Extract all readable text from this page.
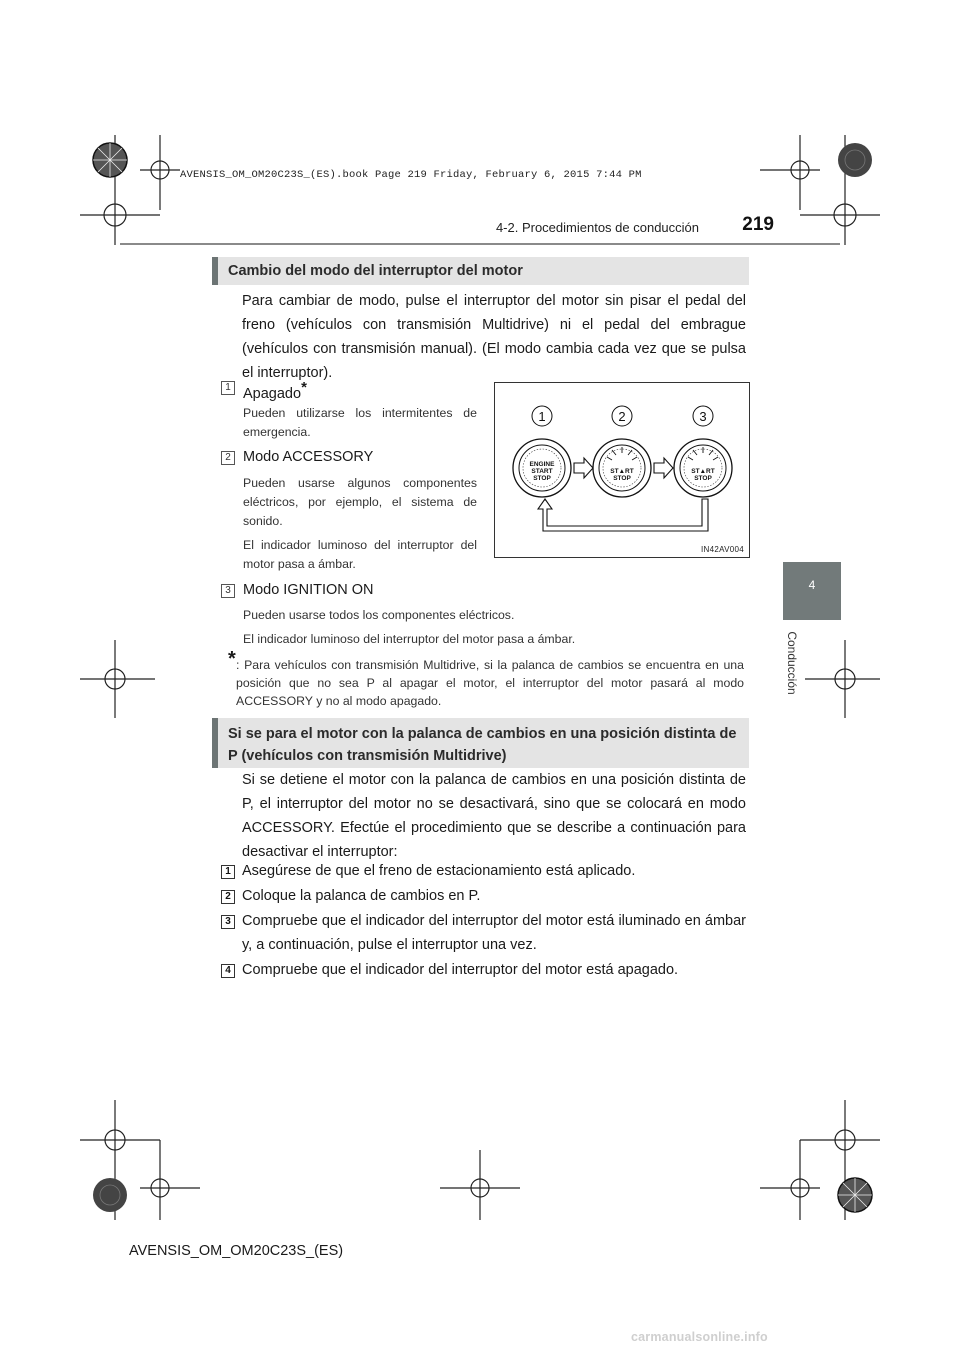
AVENSIS_OM_OM20C23S_(ES).book Page 219 Friday, February 6, 2015 7:44 PM
4-2. Procedimientos de conducción	219
4
Conducción
Cambio del modo del interruptor del motor
Para cambiar de modo, pulse el interruptor del motor sin pisar el pedal del freno (vehículos con transmisión Multidrive) ni el pedal del embrague (vehículos con transmisión manual). (El modo cambia cada vez que se pulsa el interruptor).
1 Apagado*
Pueden utilizarse los intermitentes de emergencia.
2 Modo ACCESSORY
Pueden usarse algunos componentes eléctricos, por ejemplo, el sistema de sonido.
El indicador luminoso del interruptor del motor pasa a ámbar.
3 Modo IGNITION ON
Pueden usarse todos los componentes eléctricos.
El indicador luminoso del interruptor del motor pasa a ámbar.
* : Para vehículos con transmisión Multidrive, si la palanca de cambios se encuentra en una posición que no sea P al apagar el motor, el interruptor del motor pasará al modo ACCESSORY y no al modo apagado.
1	2	3
ENGINE
START
STOP
ST▲RT
STOP
ST▲RT
STOP
IN42AV004
Si se para el motor con la palanca de cambios en una posición distinta de P (vehículos con transmisión Multidrive)
Si se detiene el motor con la palanca de cambios en una posición distinta de P, el interruptor del motor no se desactivará, sino que se colocará en modo ACCESSORY. Efectúe el procedimiento que se describe a continuación para desactivar el interruptor:
1 Asegúrese de que el freno de estacionamiento está aplicado.
2 Coloque la palanca de cambios en P.
3 Compruebe que el indicador del interruptor del motor está iluminado en ámbar y, a continuación, pulse el interruptor una vez.
4 Compruebe que el indicador del interruptor del motor está apagado.
AVENSIS_OM_OM20C23S_(ES)
carmanualsonline.info
